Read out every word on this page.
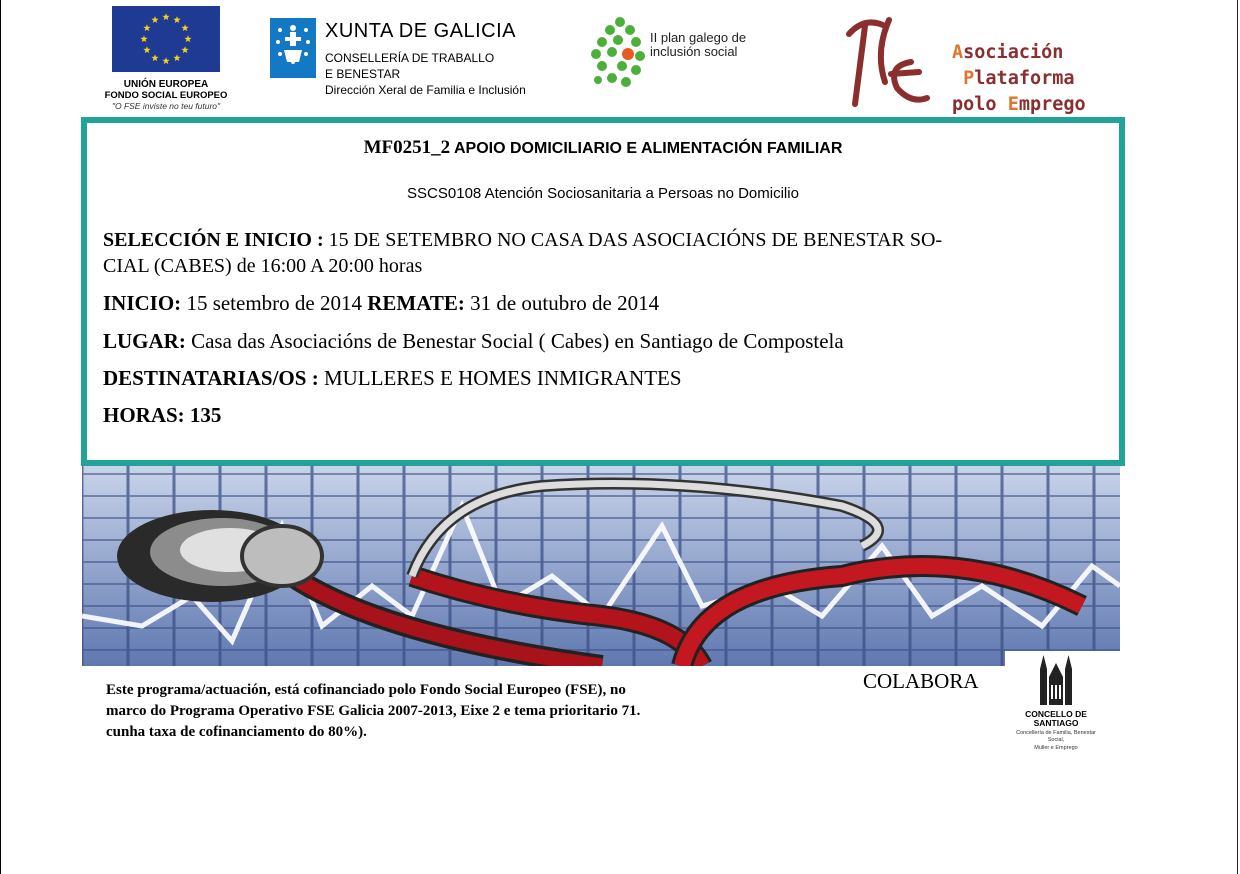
UNIÓN EUROPEA
FONDO SOCIAL EUROPEO
"O FSE inviste no teu futuro"
XUNTA DE GALICIA
CONSELLERÍA DE TRABALLO
E BENESTAR
Dirección Xeral de Familia e Inclusión
II plan galego de
inclusión social	Asociación
Plataforma
polo Emprego
MF0251_2 APOIO DOMICILIARIO E ALIMENTACIÓN FAMILIAR
SSCS0108 Atención Sociosanitaria a Persoas no Domicilio
SELECCIÓN E INICIO : 15 DE SETEMBRO NO CASA DAS ASOCIACIÓNS DE BENESTAR SO-
CIAL (CABES) de 16:00 A 20:00 horas
INICIO: 15 setembro de 2014 REMATE: 31 de outubro de 2014
LUGAR: Casa das Asociacións de Benestar Social ( Cabes) en Santiago de Compostela
DESTINATARIAS/OS : MULLERES E HOMES INMIGRANTES
HORAS: 135
Este programa/actuación, está cofinanciado polo Fondo Social Europeo (FSE), no
marco do Programa Operativo FSE Galicia 2007-2013, Eixe 2 e tema prioritario 71.
cunha taxa de cofinanciamento do 80%).
COLABORA
CONCELLO DE
SANTIAGO
Concellería de Familia, Benestar Social,
Muller e Emprego
